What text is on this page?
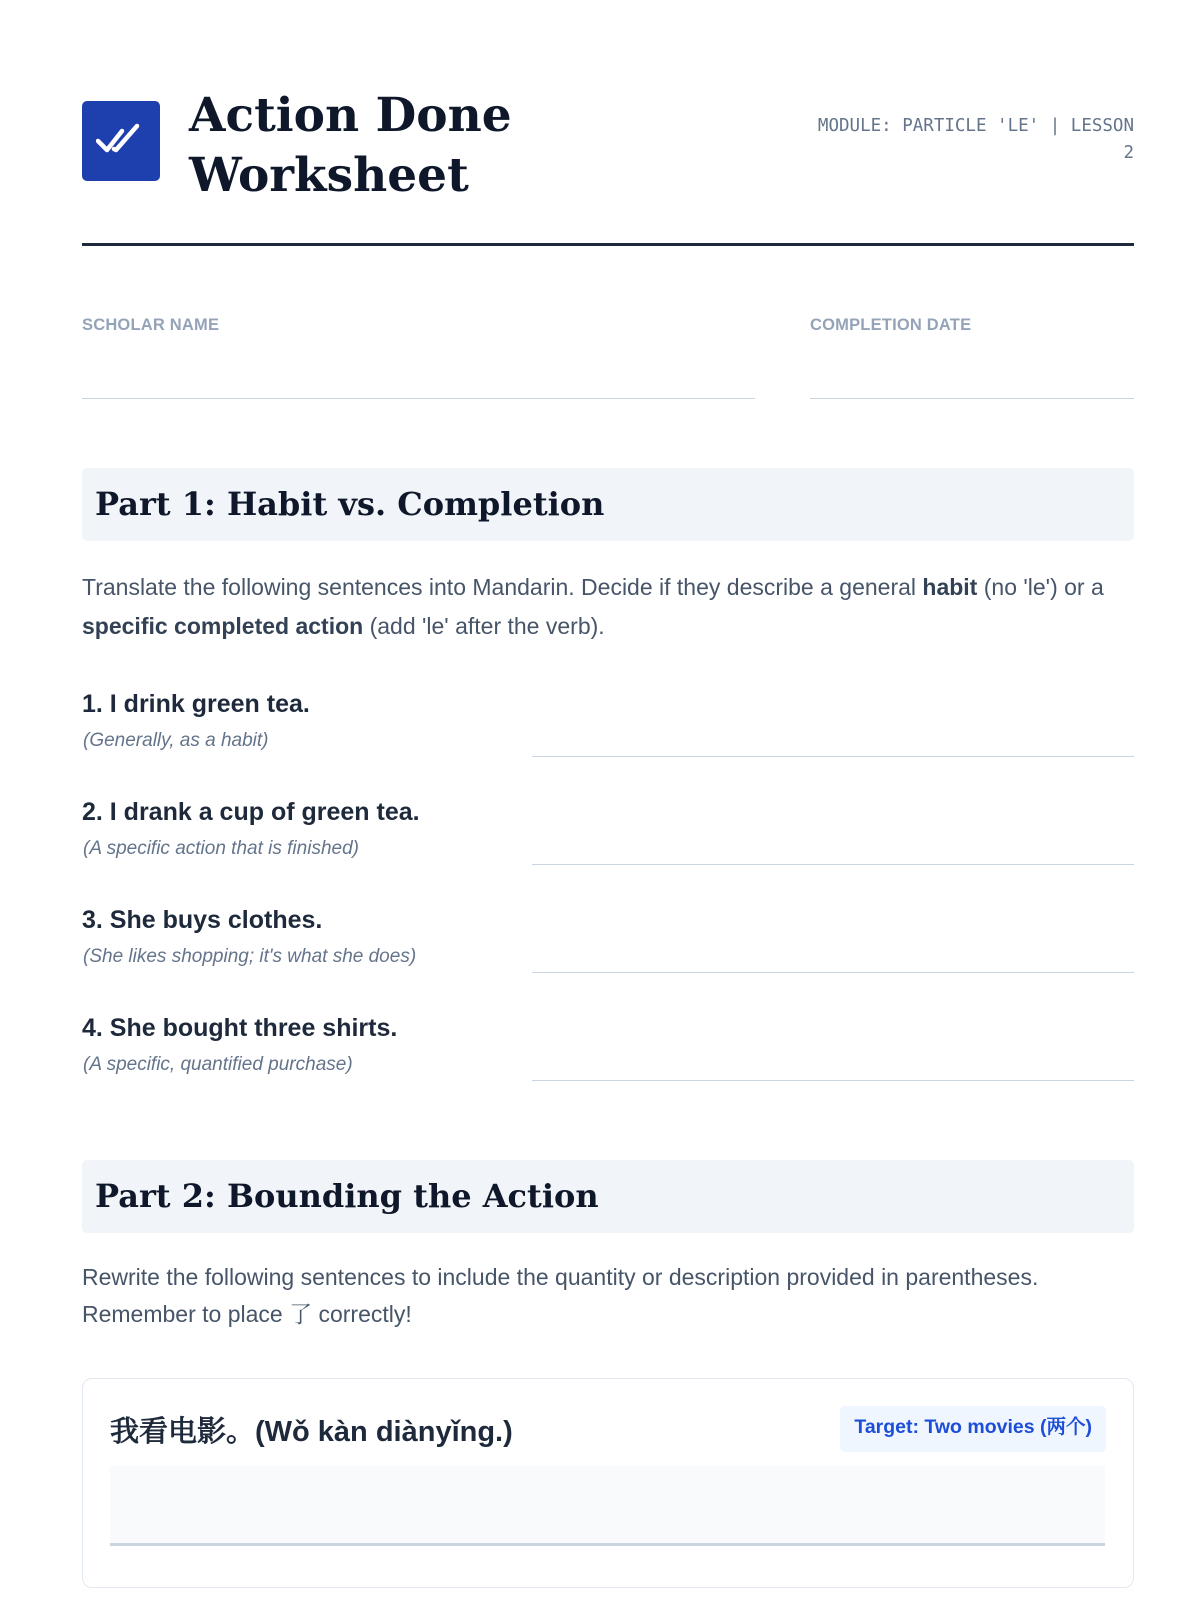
Action Done
Worksheet
MODULE: PARTICLE 'LE' | LESSON
2
SCHOLAR NAME	COMPLETION DATE
Part 1: Habit vs. Completion
Translate the following sentences into Mandarin. Decide if they describe a general habit (no 'le') or a specific completed action (add 'le' after the verb).
1. I drink green tea.
(Generally, as a habit)
2. I drank a cup of green tea.
(A specific action that is finished)
3. She buys clothes.
(She likes shopping; it's what she does)
4. She bought three shirts.
(A specific, quantified purchase)
Part 2: Bounding the Action
Rewrite the following sentences to include the quantity or description provided in parentheses. Remember to place 了 correctly!
我看电影。(Wǒ kàn diànyǐng.)	Target: Two movies (两个)
